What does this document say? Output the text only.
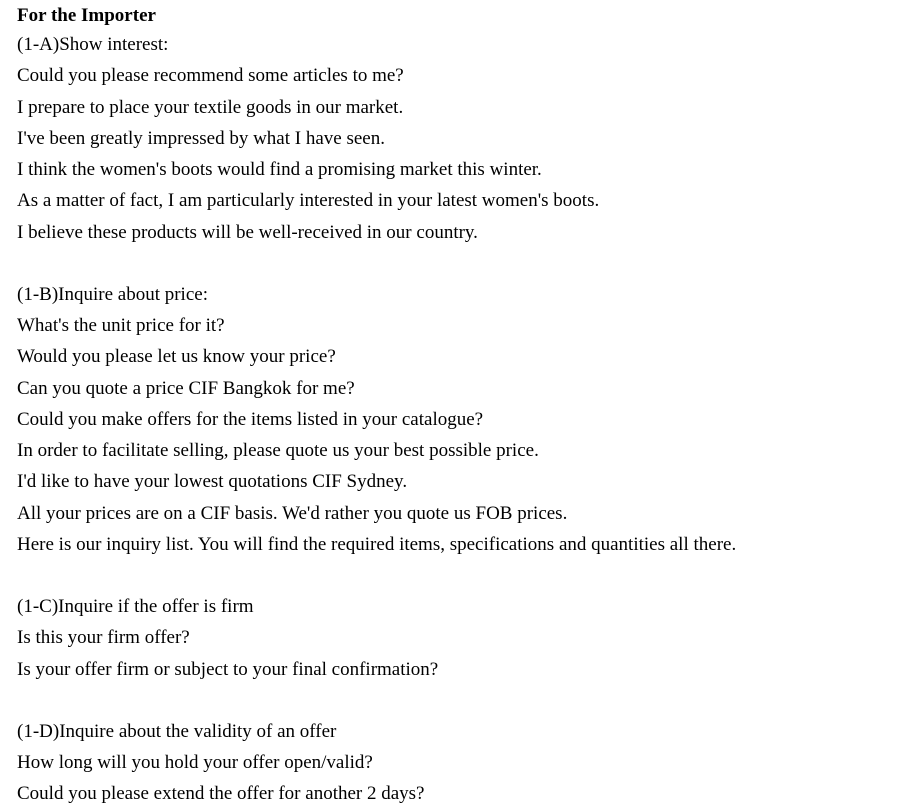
For the Importer
(1-A)Show interest:
Could you please recommend some articles to me?
I prepare to place your textile goods in our market.
I've been greatly impressed by what I have seen.
I think the women's boots would find a promising market this winter.
As a matter of fact, I am particularly interested in your latest women's boots.
I believe these products will be well-received in our country.
(1-B)Inquire about price:
What's the unit price for it?
Would you please let us know your price?
Can you quote a price CIF Bangkok for me?
Could you make offers for the items listed in your catalogue?
In order to facilitate selling, please quote us your best possible price.
I'd like to have your lowest quotations CIF Sydney.
All your prices are on a CIF basis. We'd rather you quote us FOB prices.
Here is our inquiry list. You will find the required items, specifications and quantities all there.
(1-C)Inquire if the offer is firm
Is this your firm offer?
Is your offer firm or subject to your final confirmation?
(1-D)Inquire about the validity of an offer
How long will you hold your offer open/valid?
Could you please extend the offer for another 2 days?
